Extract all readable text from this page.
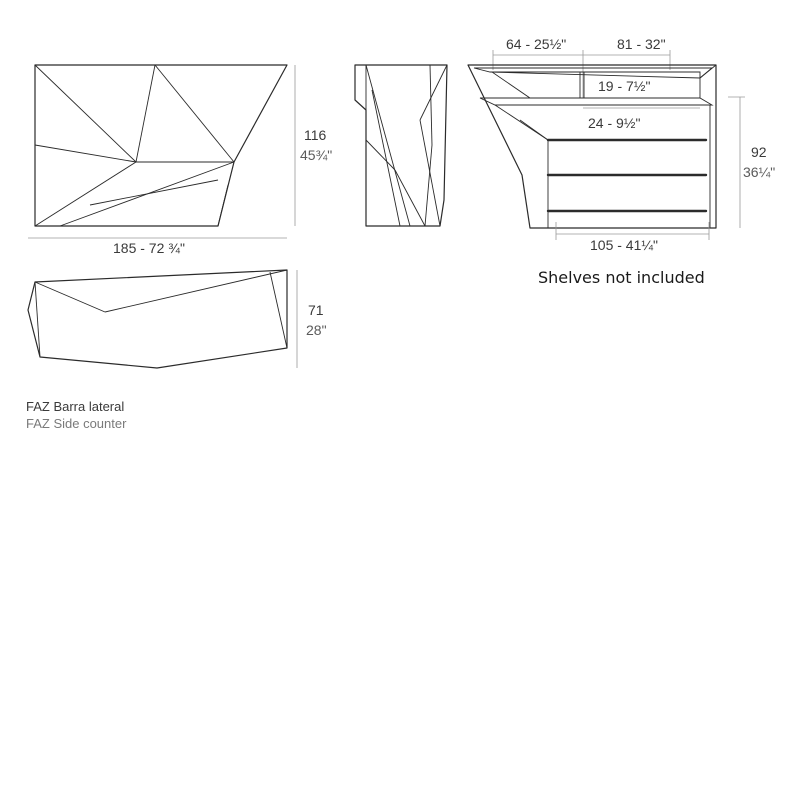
116
45¾"
185 - 72 ¾"
71
28"
64 - 25½"	81 - 32"
19 - 7½"
24 - 9½"
92
36¼"
105 - 41¼"
Shelves not included
FAZ Barra lateral
FAZ Side counter
